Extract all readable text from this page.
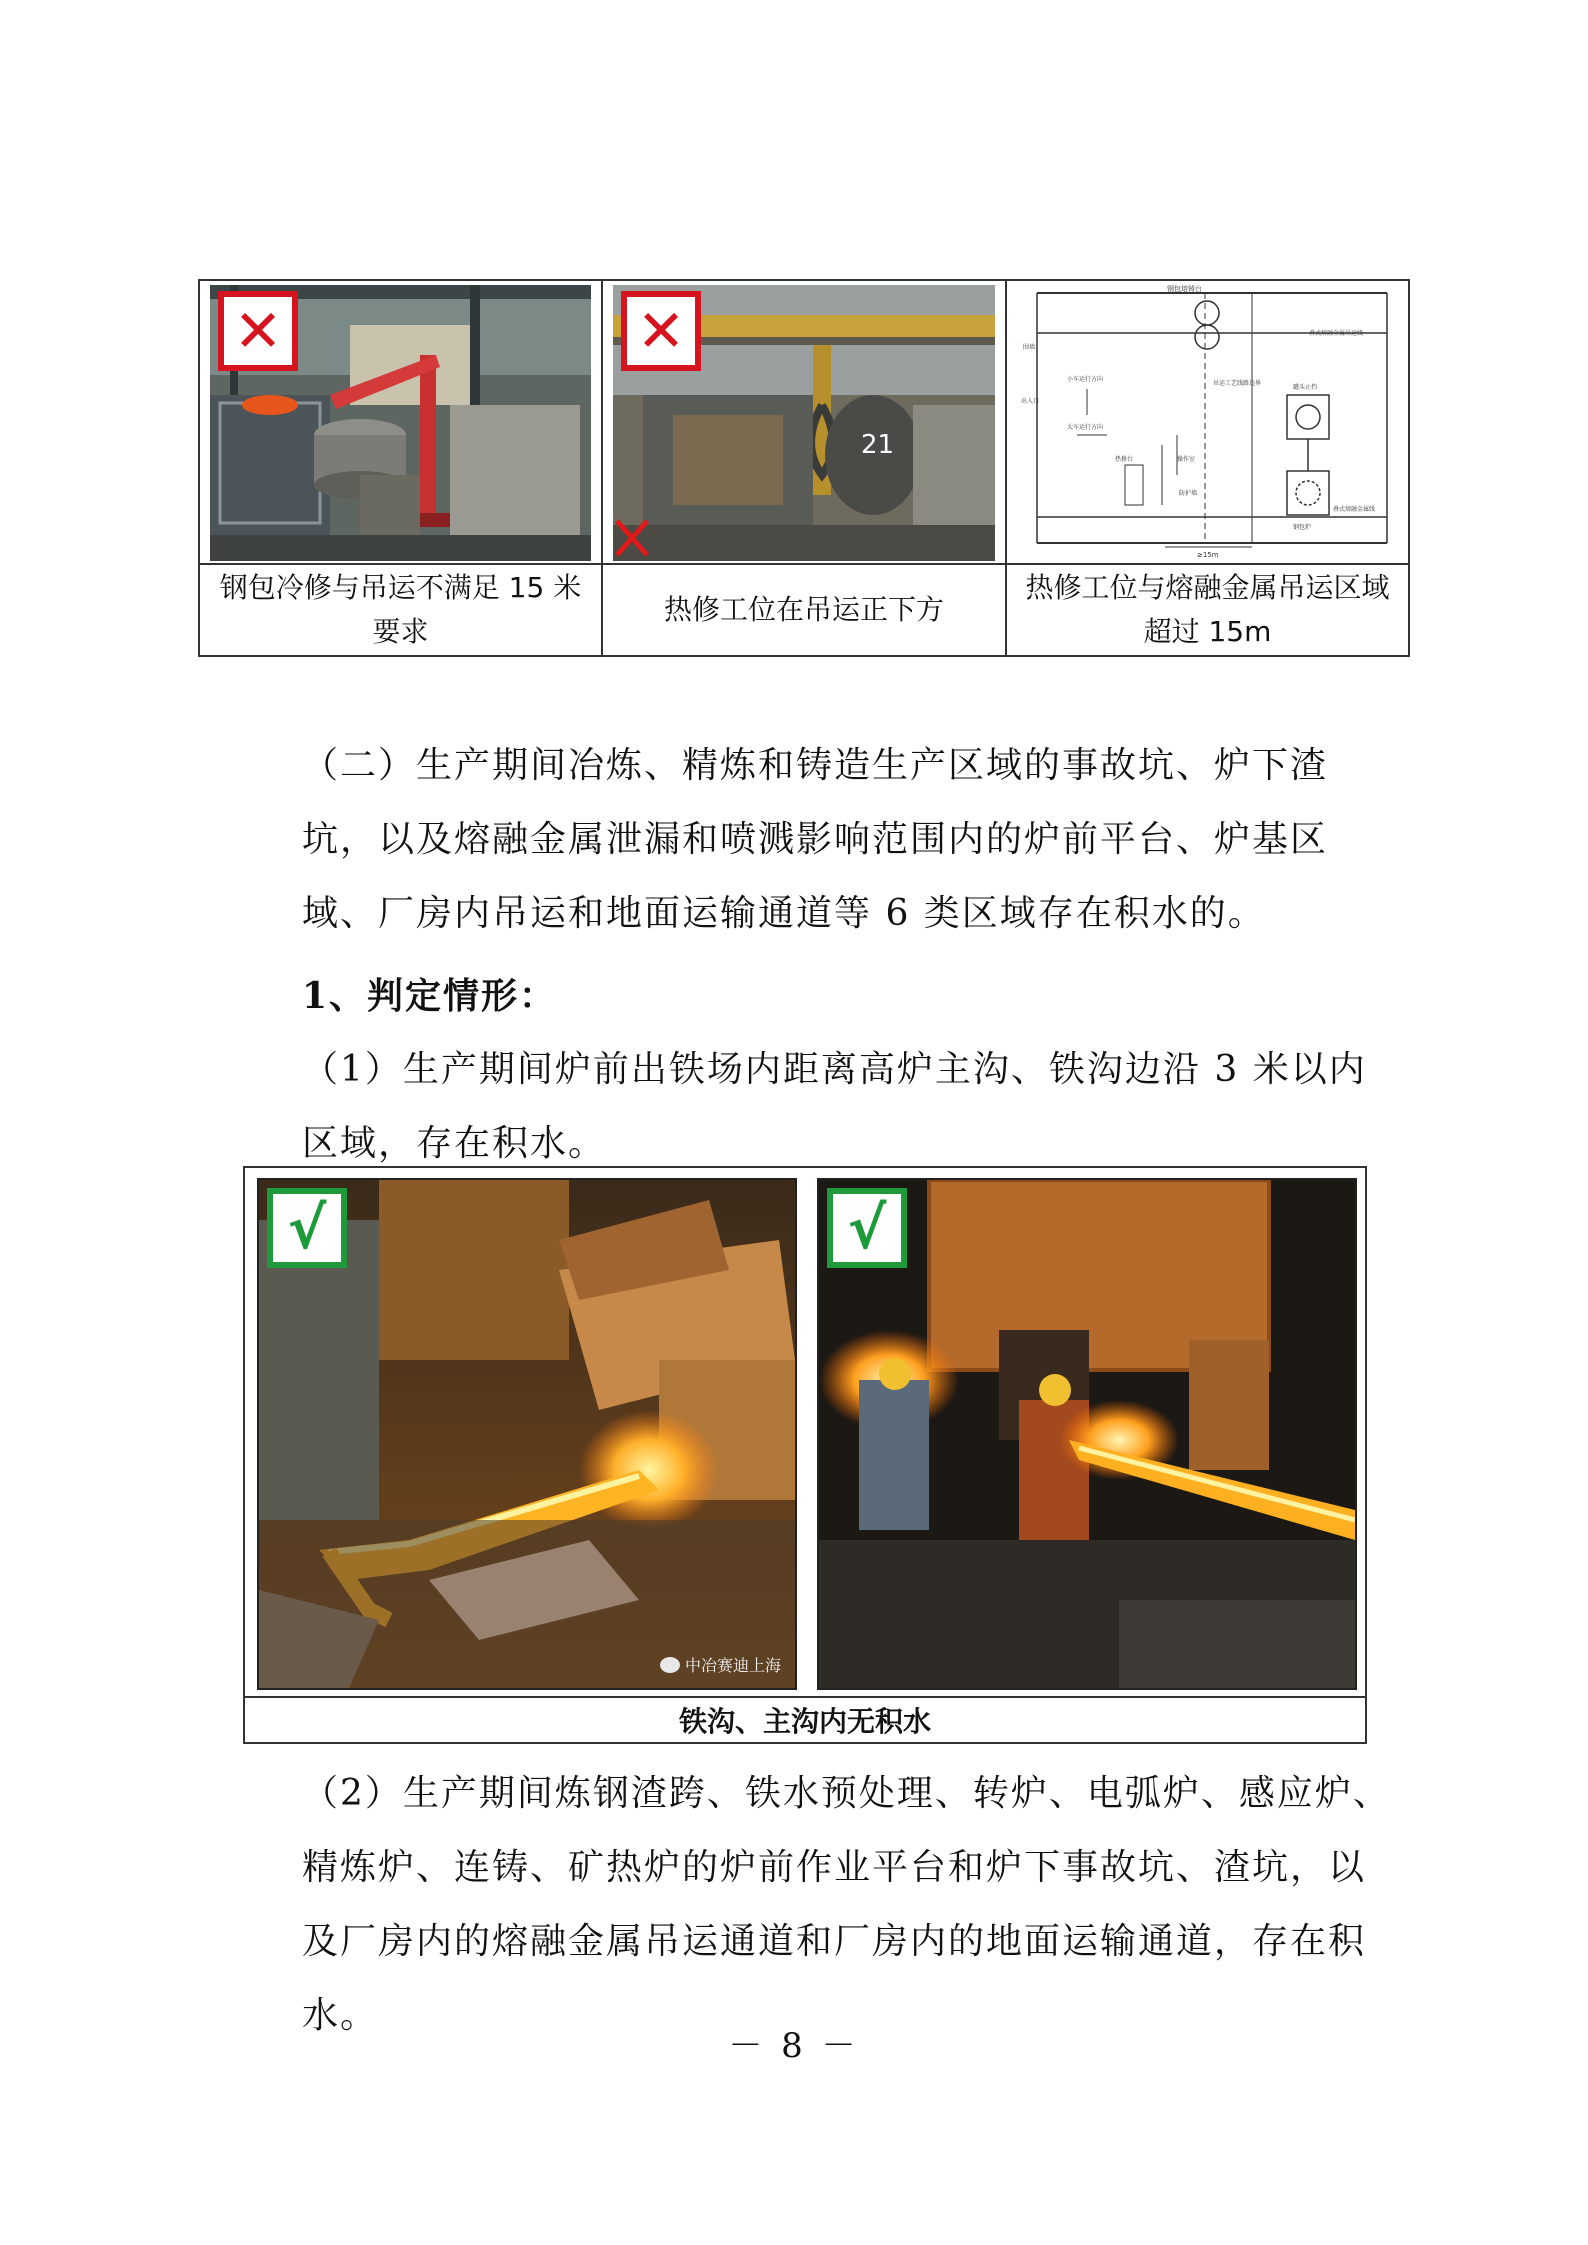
✕
钢包冷修与吊运不满足 15 米要求
21
✕
热修工位在吊运正下方
钢包熔铸台
叠式熔融金属吊运线
围墙
出入口
小车运行方向
大车运行方向
吊运工艺线路边界
热修台
防护墙
操作室
罐头止挡
叠式熔融金属线
钢包炉
≥15m
热修工位与熔融金属吊运区域超过 15m
（二）生产期间冶炼、精炼和铸造生产区域的事故坑、炉下渣坑，以及熔融金属泄漏和喷溅影响范围内的炉前平台、炉基区域、厂房内吊运和地面运输通道等 6 类区域存在积水的。
1、判定情形：
（1）生产期间炉前出铁场内距离高炉主沟、铁沟边沿 3 米以内区域，存在积水。
√
中冶赛迪上海
√
铁沟、主沟内无积水
（2）生产期间炼钢渣跨、铁水预处理、转炉、电弧炉、感应炉、精炼炉、连铸、矿热炉的炉前作业平台和炉下事故坑、渣坑，以及厂房内的熔融金属吊运通道和厂房内的地面运输通道，存在积水。
－ 8 －
